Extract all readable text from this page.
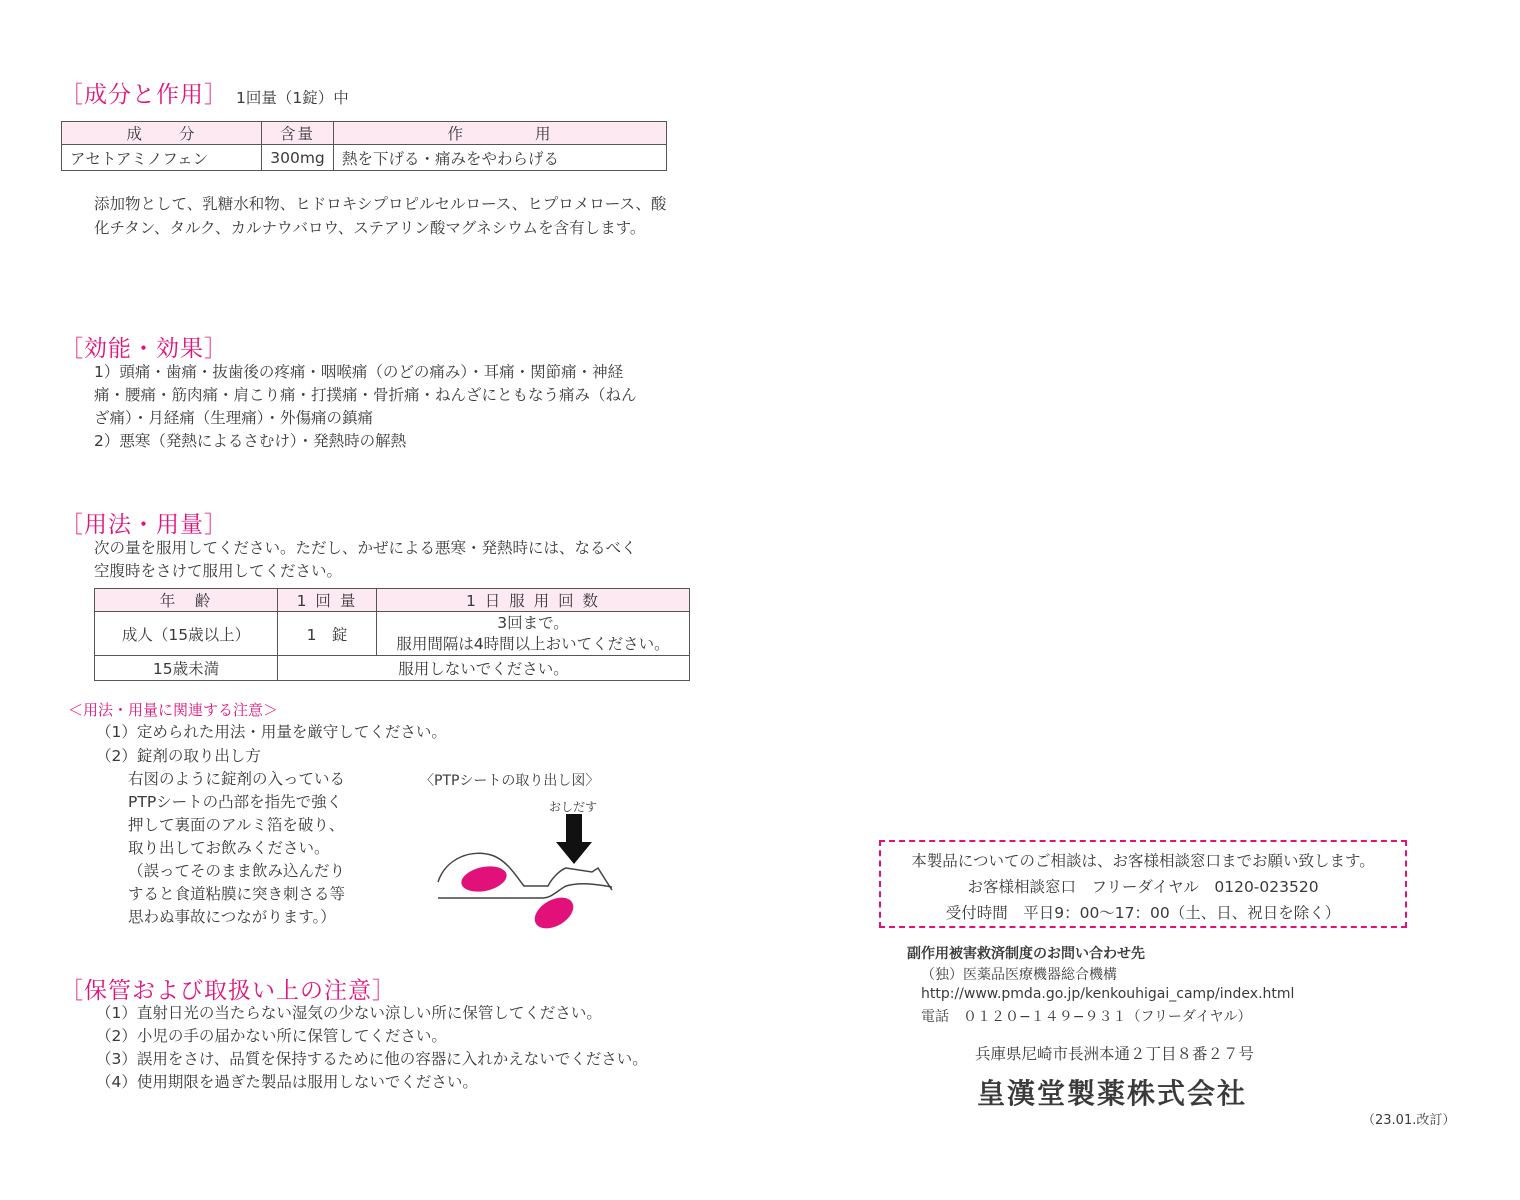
［成分と作用］ 1回量（1錠）中
成　　分	含量	作　　　　用
アセトアミノフェン	300mg	熱を下げる・痛みをやわらげる
添加物として、乳糖水和物、ヒドロキシプロピルセルロース、ヒプロメロース、酸化チタン、タルク、カルナウバロウ、ステアリン酸マグネシウムを含有します。
［効能・効果］
1）頭痛・歯痛・抜歯後の疼痛・咽喉痛（のどの痛み）・耳痛・関節痛・神経
痛・腰痛・筋肉痛・肩こり痛・打撲痛・骨折痛・ねんざにともなう痛み（ねん
ざ痛）・月経痛（生理痛）・外傷痛の鎮痛
2）悪寒（発熱によるさむけ）・発熱時の解熱
［用法・用量］
次の量を服用してください。ただし、かぜによる悪寒・発熱時には、なるべく
空腹時をさけて服用してください。
年　齢	1 回 量	1 日 服 用 回 数
成人（15歳以上）	1　錠	3回まで。
服用間隔は4時間以上おいてください。

15歳未満	服用しないでください。	
＜用法・用量に関連する注意＞
（1）定められた用法・用量を厳守してください。
（2）錠剤の取り出し方
右図のように錠剤の入っている
PTPシートの凸部を指先で強く
押して裏面のアルミ箔を破り、
取り出してお飲みください。
（誤ってそのまま飲み込んだり
すると食道粘膜に突き刺さる等
思わぬ事故につながります。）
〈PTPシートの取り出し図〉
おしだす
［保管および取扱い上の注意］
（1）直射日光の当たらない湿気の少ない涼しい所に保管してください。
（2）小児の手の届かない所に保管してください。
（3）誤用をさけ、品質を保持するために他の容器に入れかえないでください。
（4）使用期限を過ぎた製品は服用しないでください。
本製品についてのご相談は、お客様相談窓口までお願い致します。
お客様相談窓口　フリーダイヤル　0120-023520
受付時間　平日9：00〜17：00（土、日、祝日を除く）
副作用被害救済制度のお問い合わせ先
（独）医薬品医療機器総合機構
http://www.pmda.go.jp/kenkouhigai_camp/index.html
電話　０１２０−１４９−９３１（フリーダイヤル）
兵庫県尼崎市長洲本通２丁目８番２７号
皇漢堂製薬株式会社
（23.01.改訂）
